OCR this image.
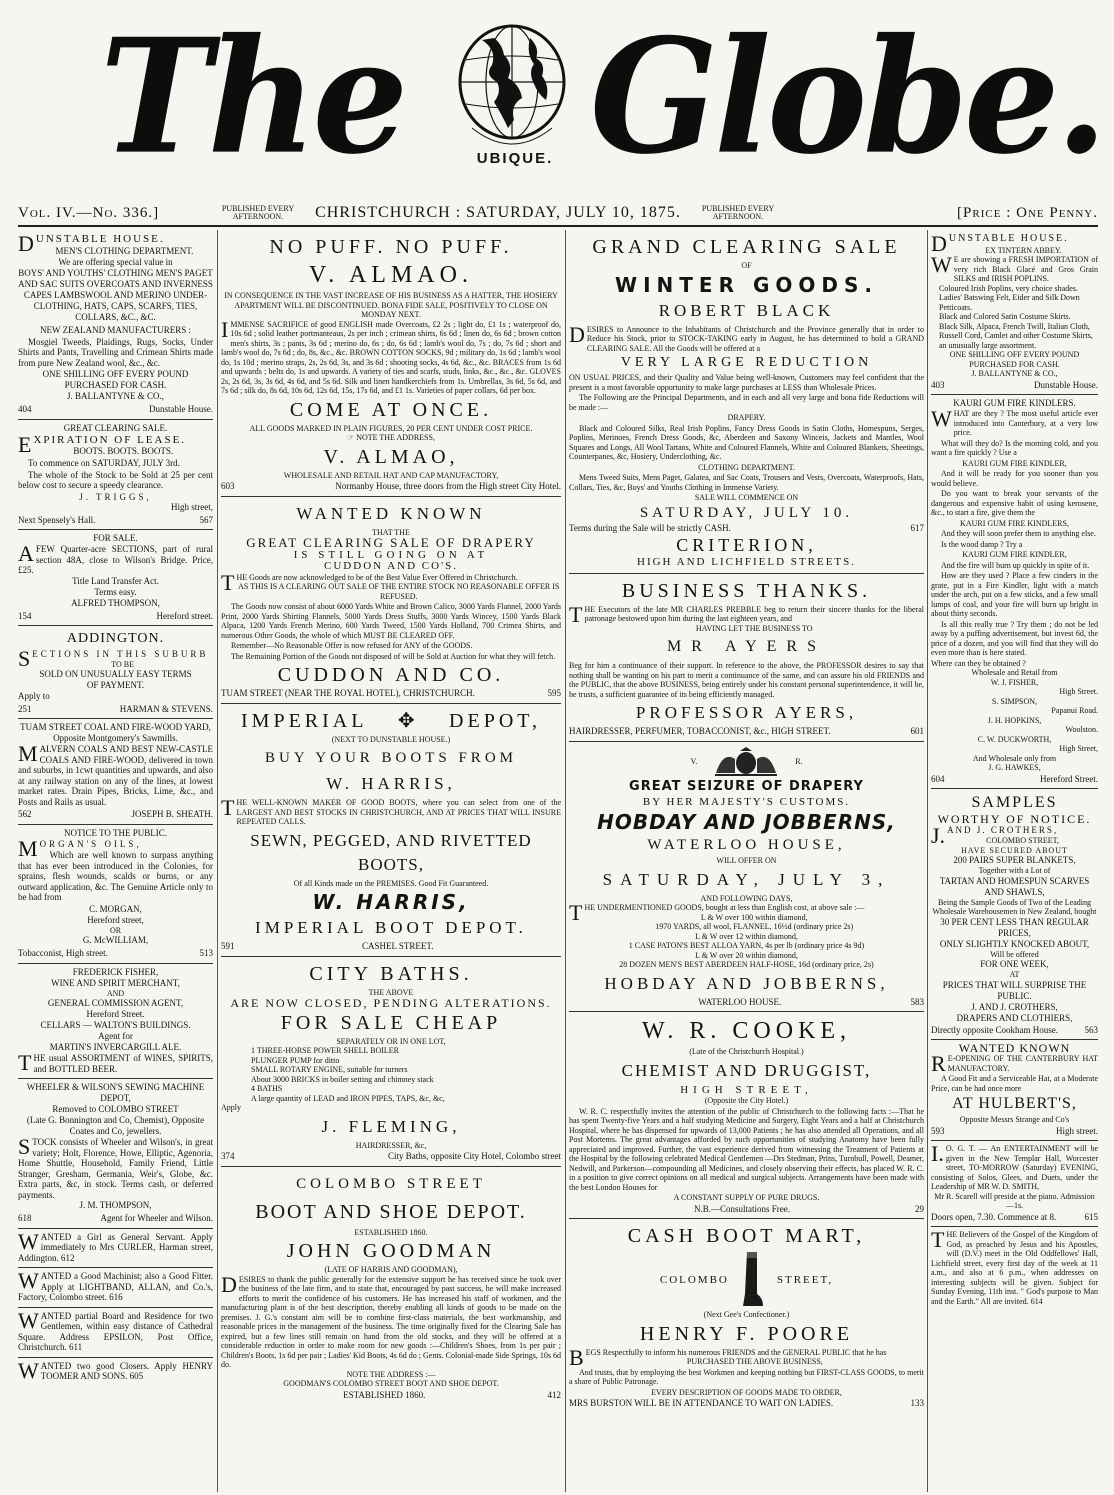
The	UBIQUE. Globe.
Vol. IV.—No. 336.]	PUBLISHED EVERY AFTERNOON.	CHRISTCHURCH : SATURDAY, JULY 10, 1875.	PUBLISHED EVERY AFTERNOON.	[Price : One Penny.
D UNSTABLE HOUSE.
MEN'S CLOTHING DEPARTMENT.
We are offering special value in
BOYS' AND YOUTHS' CLOTHING MEN'S PAGET AND SAC SUITS OVERCOATS AND INVERNESS CAPES LAMBSWOOL AND MERINO UNDER-CLOTHING, HATS, CAPS, SCARFS, TIES, COLLARS, &C., &C.
NEW ZEALAND MANUFACTURERS :
Mosgiel Tweeds, Plaidings, Rugs, Socks, Under Shirts and Pants, Travelling and Crimean Shirts made from pure New Zealand wool, &c., &c.
ONE SHILLING OFF EVERY POUND PURCHASED FOR CASH.
J. BALLANTYNE & CO.,
404	Dunstable House.
GREAT CLEARING SALE.
E XPIRATION OF LEASE.
BOOTS. BOOTS. BOOTS.
To commence on SATURDAY, JULY 3rd.
The whole of the Stock to be Sold at 25 per cent below cost to secure a speedy clearance.
J. TRIGGS,
High street,
Next Spensely's Hall.	567
FOR SALE.
AFEW Quarter-acre SECTIONS, part of rural section 48A, close to Wilson's Bridge. Price, £25.
Title Land Transfer Act.
Terms easy.
ALFRED THOMPSON,
154	Hereford street.
ADDINGTON.
S ECTIONS IN THIS SUBURB
TO BE
SOLD ON UNUSUALLY EASY TERMS
OF PAYMENT.
Apply to
251	HARMAN & STEVENS.
TUAM STREET COAL AND FIRE-WOOD YARD,
Opposite Montgomery's Sawmills.
MALVERN COALS AND BEST NEW-CASTLE COALS AND FIRE-WOOD, delivered in town and suburbs, in 1cwt quantities and upwards, and also at any railway station on any of the lines, at lowest market rates. Drain Pipes, Bricks, Lime, &c., and Posts and Rails as usual.
562	JOSEPH B. SHEATH.
NOTICE TO THE PUBLIC.
M ORGAN'S OILS,
Which are well known to surpass anything that has ever been introduced in the Colonies, for sprains, flesh wounds, scalds or burns, or any outward application, &c. The Genuine Article only to be had from
C. MORGAN,
Hereford street,
OR
G. McWILLIAM,
Tobacconist, High street.	513
FREDERICK FISHER,
WINE AND SPIRIT MERCHANT,
AND
GENERAL COMMISSION AGENT,
Hereford Street.
CELLARS — WALTON'S BUILDINGS.
Agent for
MARTIN'S INVERCARGILL ALE.
THE usual ASSORTMENT of WINES, SPIRITS, and BOTTLED BEER.
WHEELER & WILSON'S SEWING MACHINE DEPOT,
Removed to COLOMBO STREET
(Late G. Bonnington and Co, Chemist), Opposite Coates and Co, jewellers.
STOCK consists of Wheeler and Wilson's, in great variety; Holt, Florence, Howe, Elliptic, Agenoria, Home Shuttle, Household, Family Friend, Little Stranger, Gresham, Germania, Weir's, Globe, &c. Extra parts, &c, in stock. Terms cash, or deferred payments.
J. M. THOMPSON,
618	Agent for Wheeler and Wilson.
WANTED a Girl as General Servant. Apply immediately to Mrs CURLER, Harman street, Addington. 612
WANTED a Good Machinist; also a Good Fitter. Apply at LIGHTBAND, ALLAN, and Co.'s, Factory, Colombo street. 616
WANTED partial Board and Residence for two Gentlemen, within easy distance of Cathedral Square. Address EPSILON, Post Office, Christchurch. 611
WANTED two good Closers. Apply HENRY TOOMER AND SONS. 605
NO PUFF. NO PUFF.
V. ALMAO.
IN CONSEQUENCE IN THE VAST INCREASE OF HIS BUSINESS AS A HATTER, THE HOSIERY APARTMENT WILL BE DISCONTINUED. BONA FIDE SALE, POSITIVELY TO CLOSE ON MONDAY NEXT.
IMMENSE SACRIFICE of good ENGLISH made Overcoats, £2 2s ; light do, £1 1s ; waterproof do, 10s 6d ; solid leather portmanteaus, 2s per inch ; crimean shirts, 6s 6d ; linen do, 6s 6d ; brown cotton men's shirts, 3s ; pants, 3s 6d ; merino do, 6s ; do, 6s 6d ; lamb's wool do, 7s ; do, 7s 6d ; short and lamb's wool do, 7s 6d ; do, 8s, &c., &c. BROWN COTTON SOCKS, 9d ; military do, 1s 6d ; lamb's wool do, 1s 10d ; merino straps, 2s, 2s 6d, 3s, and 3s 6d ; shooting socks, 4s 6d, &c., &c. BRACES from 1s 6d and upwards ; belts do, 1s and upwards. A variety of ties and scarfs, studs, links, &c., &c., &c. GLOVES 2s, 2s 6d, 3s, 3s 6d, 4s 6d, and 5s 6d. Silk and linen handkerchiefs from 1s. Umbrellas, 3s 6d, 5s 6d, and 7s 6d ; silk do, 8s 6d, 10s 6d, 12s 6d, 15s, 17s 6d, and £1 1s. Varieties of paper collars, 6d per box.
COME AT ONCE.
ALL GOODS MARKED IN PLAIN FIGURES, 20 PER CENT UNDER COST PRICE.
☞ NOTE THE ADDRESS,
V. ALMAO,
WHOLESALE AND RETAIL HAT AND CAP MANUFACTORY,
603	Normanby House, three doors from the High street City Hotel.
WANTED KNOWN
THAT THE
GREAT CLEARING SALE OF DRAPERY
IS STILL GOING ON AT
CUDDON AND CO'S.
THE Goods are now acknowledged to be of the Best Value Ever Offered in Christchurch.
AS THIS IS A CLEARING OUT SALE OF THE ENTIRE STOCK NO REASONABLE OFFER IS REFUSED.
The Goods now consist of about 6000 Yards White and Brown Calico, 3000 Yards Flannel, 2000 Yards Print, 2000 Yards Shirting Flannels, 5000 Yards Dress Stuffs, 3000 Yards Wincey, 1500 Yards Black Alpaca, 1200 Yards French Merino, 600 Yards Tweed, 1500 Yards Holland, 700 Crimea Shirts, and numerous Other Goods, the whole of which MUST BE CLEARED OFF.
Remember—No Reasonable Offer is now refused for ANY of the GOODS.
The Remaining Portion of the Goods not disposed of will be Sold at Auction for what they will fetch.
CUDDON AND CO.
TUAM STREET (NEAR THE ROYAL HOTEL), CHRISTCHURCH.	595
IMPERIAL ✥ DEPOT,
(NEXT TO DUNSTABLE HOUSE.)
BUY YOUR BOOTS FROM
W. HARRIS,
THE WELL-KNOWN MAKER OF GOOD BOOTS, where you can select from one of the LARGEST AND BEST STOCKS IN CHRISTCHURCH, AND AT PRICES THAT WILL INSURE REPEATED CALLS.
SEWN, PEGGED, AND RIVETTED BOOTS,
Of all Kinds made on the PREMISES. Good Fit Guaranteed.
W. HARRIS,
IMPERIAL BOOT DEPOT.
591	CASHEL STREET.
CITY BATHS.
THE ABOVE
ARE NOW CLOSED, PENDING ALTERATIONS.
FOR SALE CHEAP
SEPARATELY OR IN ONE LOT,
1 THREE-HORSE POWER SHELL BOILER
PLUNGER PUMP for ditto
SMALL ROTARY ENGINE, suitable for turners
About 3000 BRICKS in boiler setting and chimney stack
4 BATHS
A large quantity of LEAD and IRON PIPES, TAPS, &c, &c,
Apply
J. FLEMING,
HAIRDRESSER, &c,
374	City Baths, opposite City Hotel, Colombo street
COLOMBO STREET
BOOT AND SHOE DEPOT.
ESTABLISHED 1860.
JOHN GOODMAN
(LATE OF HARRIS AND GOODMAN),
DESIRES to thank the public generally for the extensive support he has received since he took over the business of the late firm, and to state that, encouraged by past success, he will make increased efforts to merit the confidence of his customers. He has increased his staff of workmen, and the manufacturing plant is of the best description, thereby enabling all kinds of goods to be made on the premises. J. G.'s constant aim will be to combine first-class materials, the best workmanship, and reasonable prices in the management of the business. The time originally fixed for the Clearing Sale has expired, but a few lines still remain on hand from the old stocks, and they will be offered at a considerable reduction in order to make room for new goods :—Children's Shoes, from 1s per pair ; Children's Boots, 1s 6d per pair ; Ladies' Kid Boots, 4s 6d do ; Gents. Colonial-made Side Springs, 10s 6d do.
NOTE THE ADDRESS :—
GOODMAN'S COLOMBO STREET BOOT AND SHOE DEPOT.
ESTABLISHED 1860.	412
GRAND CLEARING SALE
OF
WINTER GOODS.
ROBERT BLACK
DESIRES to Announce to the Inhabitants of Christchurch and the Province generally that in order to Reduce his Stock, prior to STOCK-TAKING early in August, he has determined to hold a GRAND CLEARING SALE. All the Goods will be offered at a
VERY LARGE REDUCTION
ON USUAL PRICES, and their Quality and Value being well-known, Customers may feel confident that the present is a most favorable opportunity to make large purchases at LESS than Wholesale Prices.
The Following are the Principal Departments, and in each and all very large and bona fide Reductions will be made :—
DRAPERY.
Black and Coloured Silks, Real Irish Poplins, Fancy Dress Goods in Satin Cloths, Homespuns, Serges, Poplins, Merinoes, French Dress Goods, &c, Aberdeen and Saxony Winceis, Jackets and Mantles, Wool Squares and Longs, All Wool Tartans, White and Coloured Flannels, White and Coloured Blankets, Sheetings, Counterpanes, &c, Hosiery, Underclothing, &c.
CLOTHING DEPARTMENT.
Mens Tweed Suits, Mens Paget, Galatea, and Sac Coats, Trousers and Vests, Overcoats, Waterproofs, Hats, Collars, Ties, &c, Boys' and Youths Clothing in Immense Variety.
SALE WILL COMMENCE ON
SATURDAY, JULY 10.
Terms during the Sale will be strictly CASH.	617
CRITERION,
HIGH AND LICHFIELD STREETS.
BUSINESS THANKS.
THE Executors of the late MR CHARLES PREBBLE beg to return their sincere thanks for the liberal patronage bestowed upon him during the last eighteen years, and
HAVING LET THE BUSINESS TO
MR AYERS
Beg for him a continuance of their support. In reference to the above, the PROFESSOR desires to say that nothing shall be wanting on his part to merit a continuance of the same, and can assure his old FRIENDS and the PUBLIC, that the above BUSINESS, being entirely under his constant personal superintendence, it will be, he trusts, a sufficient guarantee of its being efficiently managed.
PROFESSOR AYERS,
HAIRDRESSER, PERFUMER, TOBACCONIST, &c., HIGH STREET.	601
V.	R.
GREAT SEIZURE OF DRAPERY
BY HER MAJESTY'S CUSTOMS.
HOBDAY AND JOBBERNS,
WATERLOO HOUSE,
WILL OFFER ON
SATURDAY, JULY 3,
AND FOLLOWING DAYS,
THE UNDERMENTIONED GOODS, bought at less than English cost, at above sale :—
L & W over 100 within diamond,
1970 YARDS, all wool, FLANNEL, 16½d (ordinary price 2s)
L & W over 12 within diamond,
1 CASE PATON'S BEST ALLOA YARN, 4s per lb (ordinary price 4s 9d)
L & W over 20 within diamond,
28 DOZEN MEN'S BEST ABERDEEN HALF-HOSE, 16d (ordinary price, 2s)
HOBDAY AND JOBBERNS,
WATERLOO HOUSE.	583
W. R. COOKE,
(Late of the Christchurch Hospital.)
CHEMIST AND DRUGGIST,
HIGH STREET,
(Opposite the City Hotel.)
W. R. C. respectfully invites the attention of the public of Christchurch to the following facts :—That he has spent Twenty-five Years and a half studying Medicine and Surgery, Eight Years and a half at Christchurch Hospital, where he has dispensed for upwards of 13,000 Patients ; he has also attended all Operations, and all Post Mortems. The great advantages afforded by such opportunities of studying Anatomy have been fully appreciated and improved. Further, the vast experience derived from witnessing the Treatment of Patients at the Hospital by the following celebrated Medical Gentlemen —Drs Stedman, Prins, Turnbull, Powell, Deamer, Nedwill, and Parkerson—compounding all Medicines, and closely observing their effects, has placed W. R. C. in a position to give correct opinions on all medical and surgical subjects. Arrangements have been made with the best London Houses for
A CONSTANT SUPPLY OF PURE DRUGS.
N.B.—Consultations Free.	29
CASH BOOT MART,
COLOMBO	STREET,
(Next Gee's Confectioner.)
HENRY F. POORE
BEGS Respectfully to inform his numerous FRIENDS and the GENERAL PUBLIC that he has
PURCHASED THE ABOVE BUSINESS,
And trusts, that by employing the best Workmen and keeping nothing but FIRST-CLASS GOODS, to merit a share of Public Patronage.
EVERY DESCRIPTION OF GOODS MADE TO ORDER,
MRS BURSTON WILL BE IN ATTENDANCE TO WAIT ON LADIES.	133
D UNSTABLE HOUSE.
EX TINTERN ABBEY.
W E are showing a FRESH IMPORTATION of very rich Black Glacé and Gros Grain SILKS and IRISH POPLINS.
Coloured Irish Poplins, very choice shades.
Ladies' Batswing Felt, Eider and Silk Down Petticoats.
Black and Colored Satin Costume Skirts.
Black Silk, Alpaca, French Twill, Italian Cloth, Russell Cord, Camlet and other Costume Skirts, an unusually large assortment.
ONE SHILLING OFF EVERY POUND PURCHASED FOR CASH.
J. BALLANTYNE & CO.,
403	Dunstable House.
KAURI GUM FIRE KINDLERS.
WHAT are they ? The most useful article ever introduced into Canterbury, at a very low price.
What will they do? Is the morning cold, and you want a fire quickly ? Use a
KAURI GUM FIRE KINDLER,
And it will be ready for you sooner than you would believe.
Do you want to break your servants of the dangerous and expensive habit of using kerosene, &c., to start a fire, give them the
KAURI GUM FIRE KINDLERS,
And they will soon prefer them to anything else.
Is the wood damp ? Try a
KAURI GUM FIRE KINDLER,
And the fire will burn up quickly in spite of it.
How are they used ? Place a few cinders in the grate, put in a Fire Kindler, light with a match under the arch, put on a few sticks, and a few small lumps of coal, and your fire will burn up bright in about thirty seconds.
Is all this really true ? Try them ; do not be led away by a puffing advertisement, but invest 6d, the price of a dozen, and you will find that they will do even more than is here stated.
Where can they be obtained ?
Wholesale and Retail from
W. J. FISHER,
High Street.
S. SIMPSON,
Papanui Road.
J. H. HOPKINS,
Woolston.
C. W. DUCKWORTH,
High Street,
And Wholesale only from
J. G. HAWKES,
604	Hereford Street.
SAMPLES
WORTHY OF NOTICE.
J. AND J. CROTHERS,
COLOMBO STREET,
HAVE SECURED ABOUT
200 PAIRS SUPER BLANKETS,
Together with a Lot of
TARTAN AND HOMESPUN SCARVES AND SHAWLS,
Being the Sample Goods of Two of the Leading Wholesale Warehousemen in New Zealand, bought
30 PER CENT LESS THAN REGULAR PRICES,
ONLY SLIGHTLY KNOCKED ABOUT,
Will be offered
FOR ONE WEEK,
AT
PRICES THAT WILL SURPRISE THE PUBLIC.
J. AND J. CROTHERS,
DRAPERS AND CLOTHIERS,
Directly opposite Cookham House.	563
WANTED KNOWN
R E-OPENING OF THE CANTERBURY HAT MANUFACTORY.
A Good Fit and a Serviceable Hat, at a Moderate Price, can be had once more
AT HULBERT'S,
Opposite Messrs Strange and Co's
593	High street.
I. O. G. T. — An ENTERTAINMENT will be given in the New Templar Hall, Worcester street, TO-MORROW (Saturday) EVENING, consisting of Solos, Glees, and Duets, under the Leadership of MR W. D. SMITH,
Mr R. Scarell will preside at the piano. Admission—1s.
Doors open, 7.30. Commence at 8.	615
THE Believers of the Gospel of the Kingdom of God, as preached by Jesus and his Apostles, will (D.V.) meet in the Old Oddfellows' Hall, Lichfield street, every first day of the week at 11 a.m., and also at 6 p.m., when addresses on interesting subjects will be given. Subject for Sunday Evening, 11th inst. " God's purpose to Man and the Earth." All are invited. 614
